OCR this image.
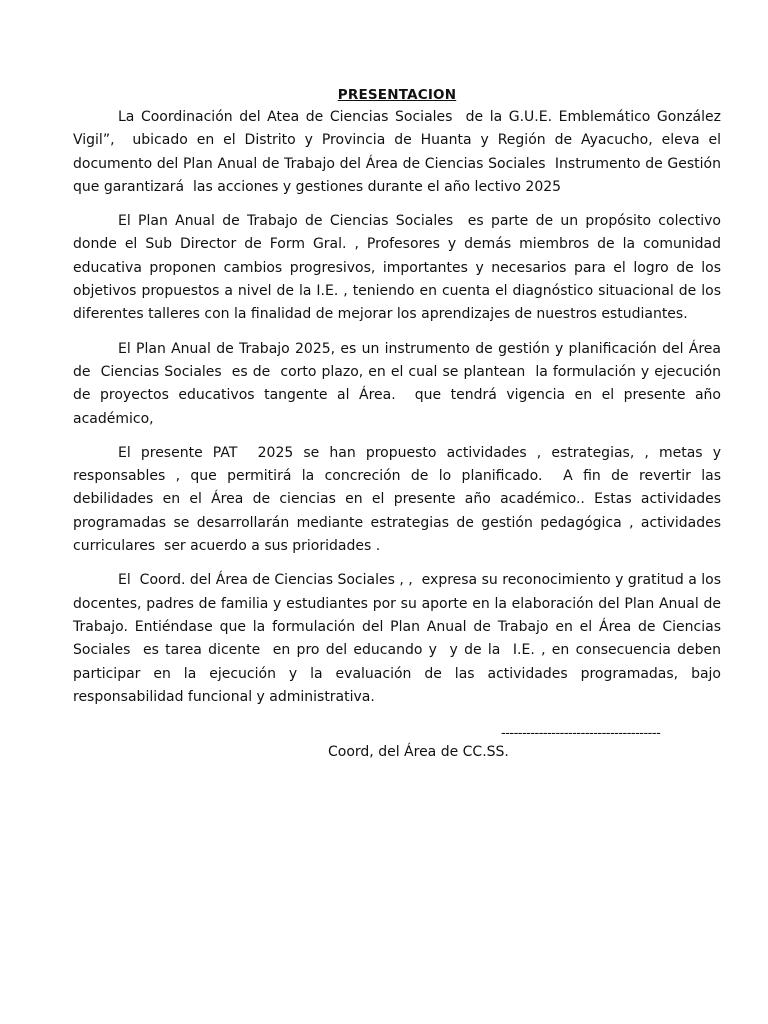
PRESENTACION

La Coordinación del Atea de Ciencias Sociales  de la G.U.E. Emblemático González Vigil”,  ubicado en el Distrito y Provincia de Huanta y Región de Ayacucho, eleva el documento del Plan Anual de Trabajo del Área de Ciencias Sociales  Instrumento de Gestión que garantizará  las acciones y gestiones durante el año lectivo 2025

El Plan Anual de Trabajo de Ciencias Sociales  es parte de un propósito colectivo donde el Sub Director de Form Gral. , Profesores y demás miembros de la comunidad educativa proponen cambios progresivos, importantes y necesarios para el logro de los objetivos propuestos a nivel de la I.E. , teniendo en cuenta el diagnóstico situacional de los diferentes talleres con la finalidad de mejorar los aprendizajes de nuestros estudiantes.

El Plan Anual de Trabajo 2025, es un instrumento de gestión y planificación del Área de  Ciencias Sociales  es de  corto plazo, en el cual se plantean  la formulación y ejecución de proyectos educativos tangente al Área.  que tendrá vigencia en el presente año académico,

El presente PAT  2025 se han propuesto actividades , estrategias, , metas y responsables , que permitirá la concreción de lo planificado.  A fin de revertir las debilidades en el Área de ciencias en el presente año académico.. Estas actividades programadas se desarrollarán mediante estrategias de gestión pedagógica , actividades curriculares  ser acuerdo a sus prioridades .

El  Coord. del Área de Ciencias Sociales , ,  expresa su reconocimiento y gratitud a los docentes, padres de familia y estudiantes por su aporte en la elaboración del Plan Anual de Trabajo. Entiéndase que la formulación del Plan Anual de Trabajo en el Área de Ciencias Sociales  es tarea dicente  en pro del educando y  y de la  I.E. , en consecuencia deben participar en la ejecución y la evaluación de las actividades programadas, bajo responsabilidad funcional y administrativa.

--------------------------------------
Coord, del Área de CC.SS.
